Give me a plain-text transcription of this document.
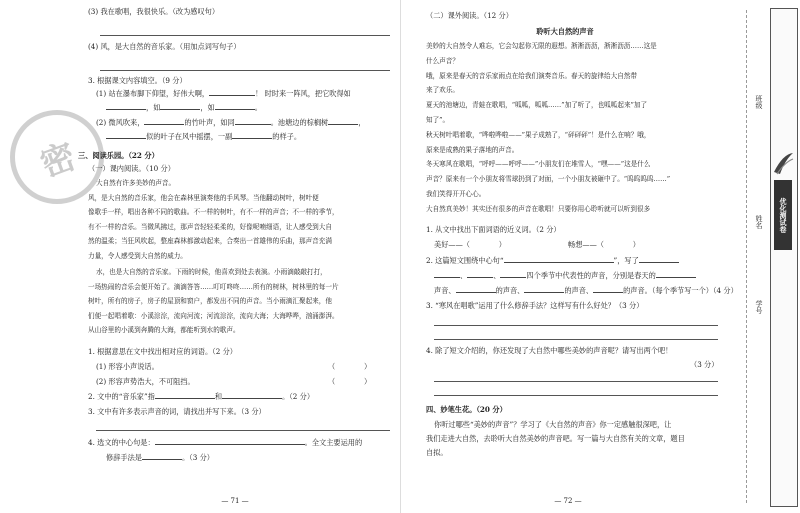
密
(3) 我在歌唱，我很快乐。（改为感叹句）
(4) 风，是大自然的音乐家。（用加点词写句子）
3. 根据课文内容填空。（9 分）
(1) 站在瀑布脚下仰望，好伟大啊，	！ 时时来一阵风，把它吹得如
，如	，如	。
(2) 微风吹来，	的竹叶声，如同	。池塘边的棕榈树	，
似的叶子在风中摇摆，一副	的样子。
三、阅读乐园。（22 分）
（一）课内阅读。（10 分）
大自然有许多美妙的声音。
风，是大自然的音乐家，他会在森林里演奏他的手风琴。当他翻动树叶，树叶便
像歌手一样，唱出各种不同的歌曲。不一样的树叶，有不一样的声音；不一样的季节，
有不一样的音乐。当微风拂过，那声音轻轻柔柔的，好像呢喃细语，让人感受到大自
然的温柔；当狂风吹起，整座森林都激动起来，合奏出一首雄伟的乐曲，那声音充满
力量，令人感受到大自然的威力。
水，也是大自然的音乐家。下雨的时候，他喜欢到处去表演。小雨滴敲敲打打，
一场热闹的音乐会便开始了。滴滴答答……叮叮咚咚……所有的树林，树林里的每一片
树叶，所有的房子，房子的屋顶和窗户，都发出不同的声音。当小雨滴汇聚起来，他
们便一起唱着歌：小溪淙淙，流向河流；河流淙淙，流向大海；大海哗哗，汹涌澎湃。
从山谷里的小溪到奔腾的大海，都能听到水的歌声。
1. 根据意思在文中找出相对应的词语。（2 分）
(1) 形容小声说话。	（　　　　）
(2) 形容声势浩大，不可阻挡。	（　　　　）
2. 文中的“音乐家”指	和	。（2 分）
3. 文中有许多表示声音的词，请找出并写下来。（3 分）
4. 选文的中心句是：	。全文主要运用的
修辞手法是	。（3 分）
— 71 —
（二）课外阅读。（12 分）
聆听大自然的声音
美妙的大自然令人难忘，它会勾起你无限的遐想。淅淅沥沥，淅淅沥沥……这是
什么声音？
哦，原来是春天的音乐家雨点在给我们演奏音乐。春天的旋律给大自然带
来了欢乐。
夏天的池塘边，青蛙在歌唱，“呱呱，呱呱……”加了听了，也呱呱起来”加了
知了”。
秋天树叶唱着歌，“哗啦哗啦——”果子成熟了，“砰砰砰”！是什么在响？哦，
原来是成熟的果子落地的声音。
冬天寒风在歌唱，“呼呼——呼呼——”小朋友们在堆雪人，“嘿——”这是什么
声音？原来有一个小朋友将雪球扔到了对面，一个小朋友被砸中了。“呜呜呜呜……”
我们笑得开开心心。
大自然真美妙！其实还有很多的声音在歌唱！只要你用心聆听就可以听到很多
1. 从文中找出下面词语的近义词。（2 分）
美好——（　　　　）	畅想——（　　　　）
2. 这篇短文围绕中心句“	”，写了
、	、	四个季节中代表性的声音，分别是春天的
声音、	的声音、	的声音、	的声音。（每个季节写一个）（4 分）
3. “寒风在唱歌”运用了什么修辞手法？这样写有什么好处？（3 分）
4. 除了短文介绍的，你还发现了大自然中哪些美妙的声音呢？请写出两个吧！
（3 分）
四、妙笔生花。（20 分）
你听过哪些“美妙的声音”？学习了《大自然的声音》你一定感触很深吧，让
我们走进大自然，去聆听大自然美妙的声音吧。写一篇与大自然有关的文章，题目
自拟。
— 72 —
优化测试卷
班级
姓名
学号
